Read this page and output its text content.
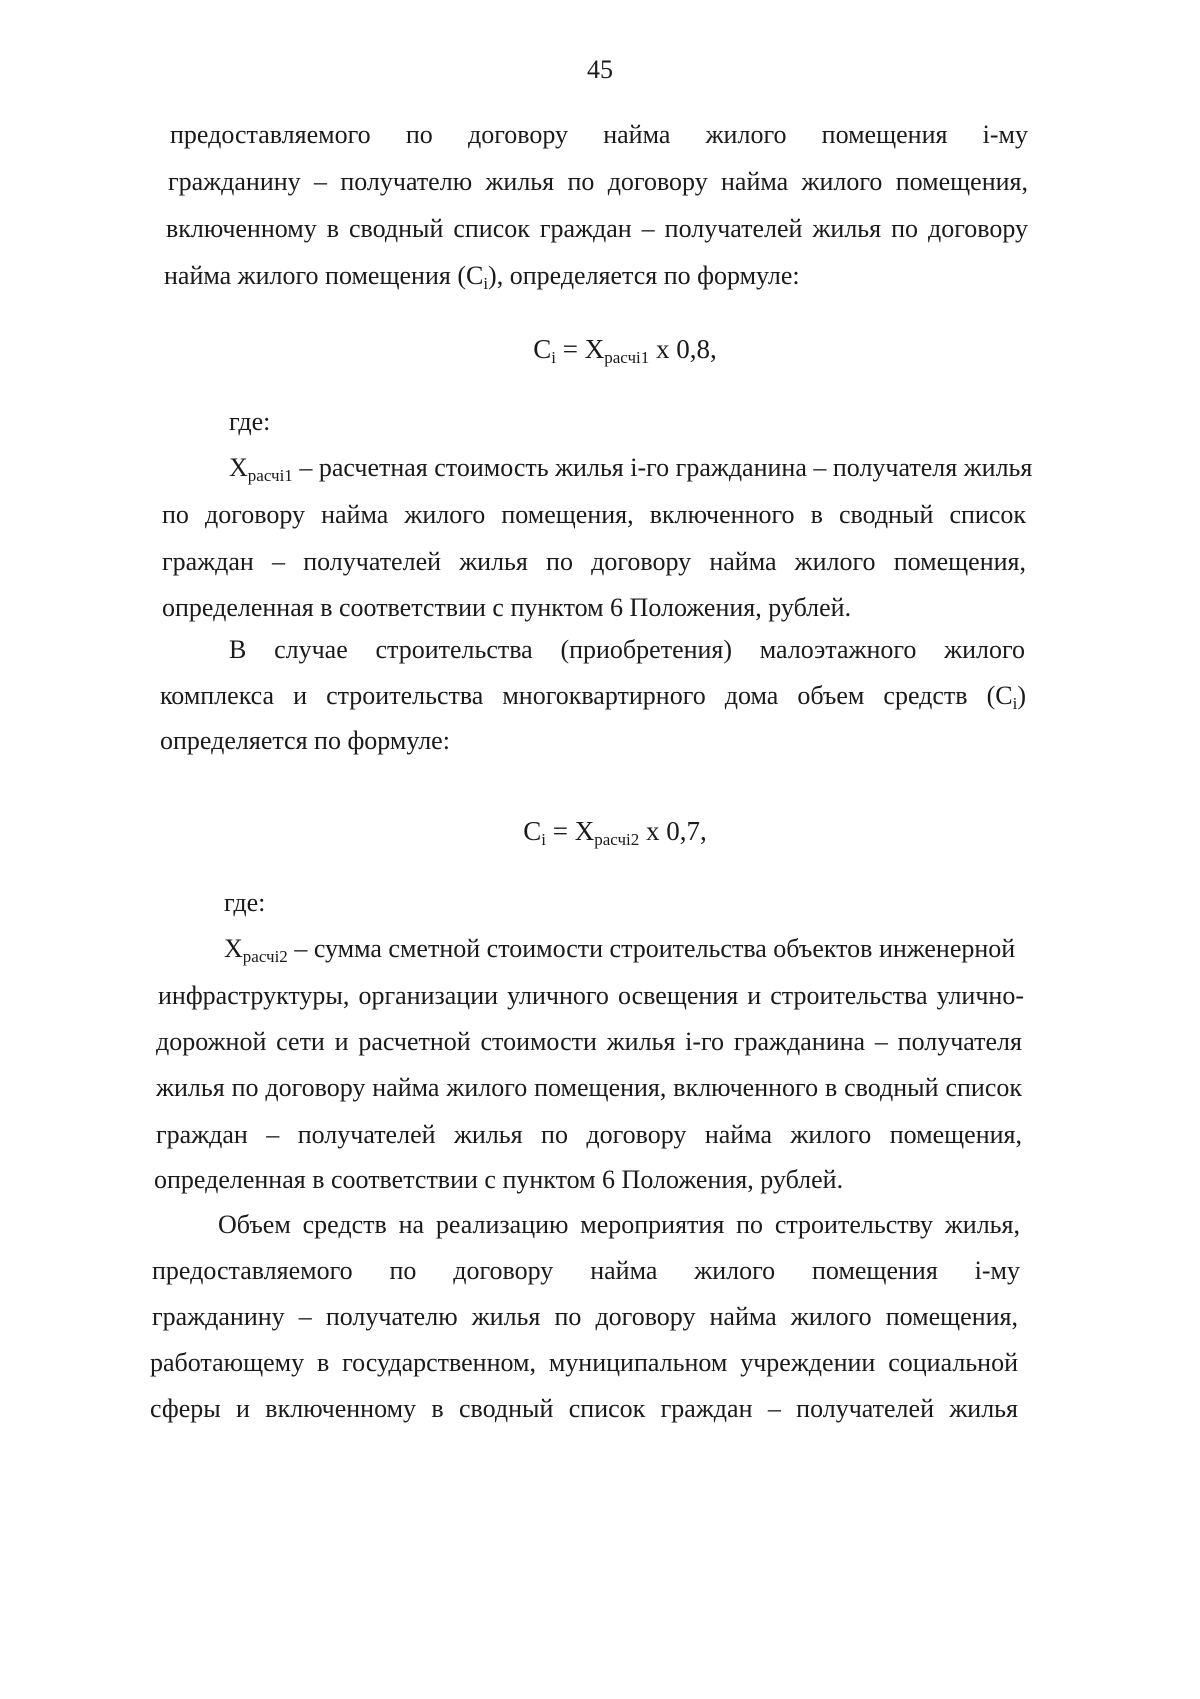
45
предоставляемого по договору найма жилого помещения i-му
гражданину – получателю жилья по договору найма жилого помещения,
включенному в сводный список граждан – получателей жилья по договору
найма жилого помещения $(C_i)$, определяется по формуле:
$C_i = X_{расчi1}$ x 0,8,
где:
$X_{расчi1}$ – расчетная стоимость жилья i-го гражданина – получателя жилья
по договору найма жилого помещения, включенного в сводный список
граждан – получателей жилья по договору найма жилого помещения,
определенная в соответствии с пунктом 6 Положения, рублей.
В случае строительства (приобретения) малоэтажного жилого
комплекса и строительства многоквартирного дома объем средств $(C_i)$
определяется по формуле:
$C_i = X_{расчi2}$ x 0,7,
где:
$X_{расчi2}$ – сумма сметной стоимости строительства объектов инженерной
инфраструктуры, организации уличного освещения и строительства улично-
дорожной сети и расчетной стоимости жилья i-го гражданина – получателя
жилья по договору найма жилого помещения, включенного в сводный список
граждан – получателей жилья по договору найма жилого помещения,
определенная в соответствии с пунктом 6 Положения, рублей.
Объем средств на реализацию мероприятия по строительству жилья,
предоставляемого по договору найма жилого помещения i-му
гражданину – получателю жилья по договору найма жилого помещения,
работающему в государственном, муниципальном учреждении социальной
сферы и включенному в сводный список граждан – получателей жилья
